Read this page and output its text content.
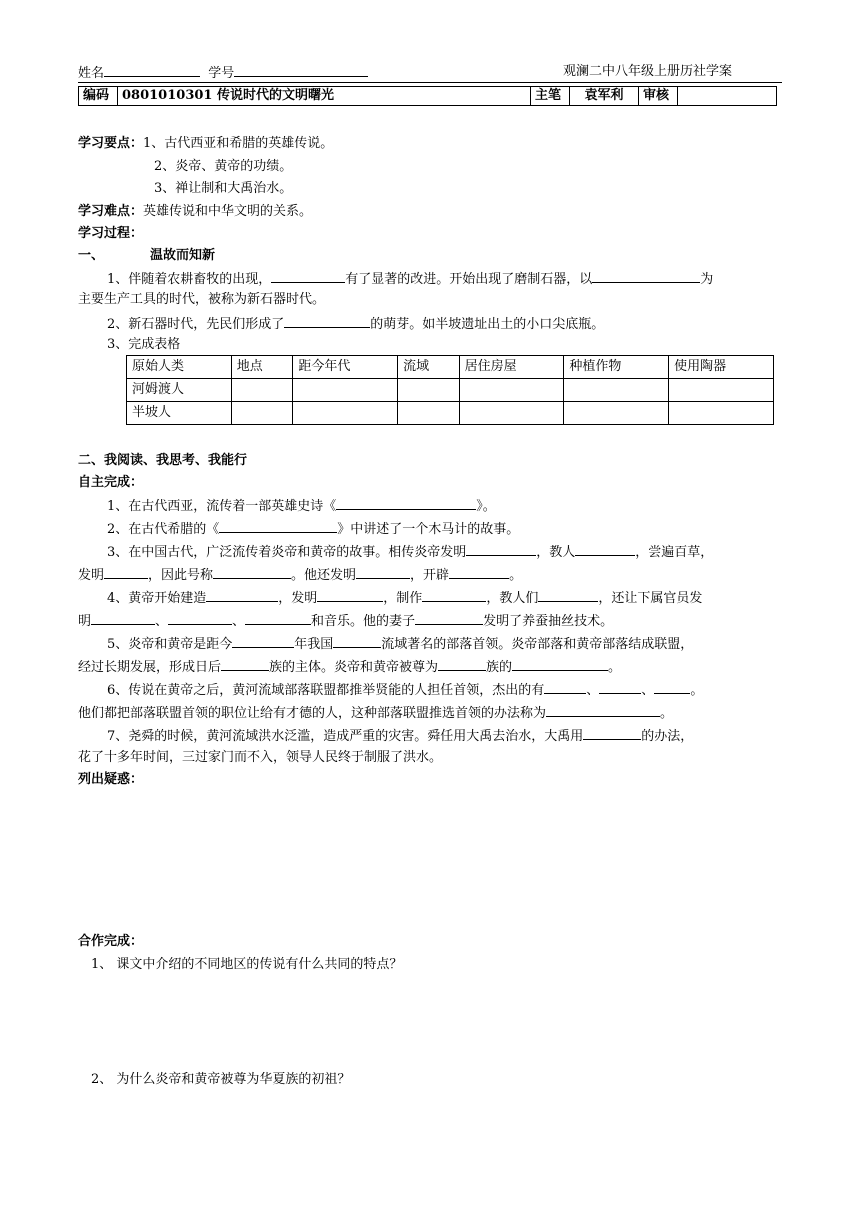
姓名	学号	观澜二中八年级上册历社学案
编码	0801010301 传说时代的文明曙光	主笔	袁军利	审核	
学习要点：1、古代西亚和希腊的英雄传说。
2、炎帝、黄帝的功绩。
3、禅让制和大禹治水。
学习难点：英雄传说和中华文明的关系。
学习过程：
一、	温故而知新
1、伴随着农耕畜牧的出现，	有了显著的改进。开始出现了磨制石器，以	为
主要生产工具的时代，被称为新石器时代。
2、新石器时代，先民们形成了	的萌芽。如半坡遗址出土的小口尖底瓶。
3、完成表格
原始人类	地点	距今年代	流域	居住房屋	种植作物	使用陶器
河姆渡人						
半坡人						
二、我阅读、我思考、我能行
自主完成：
1、在古代西亚，流传着一部英雄史诗《	》。
2、在古代希腊的《	》中讲述了一个木马计的故事。
3、在中国古代，广泛流传着炎帝和黄帝的故事。相传炎帝发明	，教人	，尝遍百草，
发明	，因此号称	。他还发明	，开辟	。
4、黄帝开始建造	，发明	，制作	，教人们	，还让下属官员发
明	、	、	和音乐。他的妻子	发明了养蚕抽丝技术。
5、炎帝和黄帝是距今	年我国	流域著名的部落首领。炎帝部落和黄帝部落结成联盟，
经过长期发展，形成日后	族的主体。炎帝和黄帝被尊为	族的	。
6、传说在黄帝之后，黄河流域部落联盟都推举贤能的人担任首领，杰出的有	、	、	。
他们都把部落联盟首领的职位让给有才德的人，这种部落联盟推选首领的办法称为	。
7、尧舜的时候，黄河流域洪水泛滥，造成严重的灾害。舜任用大禹去治水，大禹用	的办法，
花了十多年时间，三过家门而不入，领导人民终于制服了洪水。
列出疑惑：
合作完成：
1、 课文中介绍的不同地区的传说有什么共同的特点？
2、 为什么炎帝和黄帝被尊为华夏族的初祖？
